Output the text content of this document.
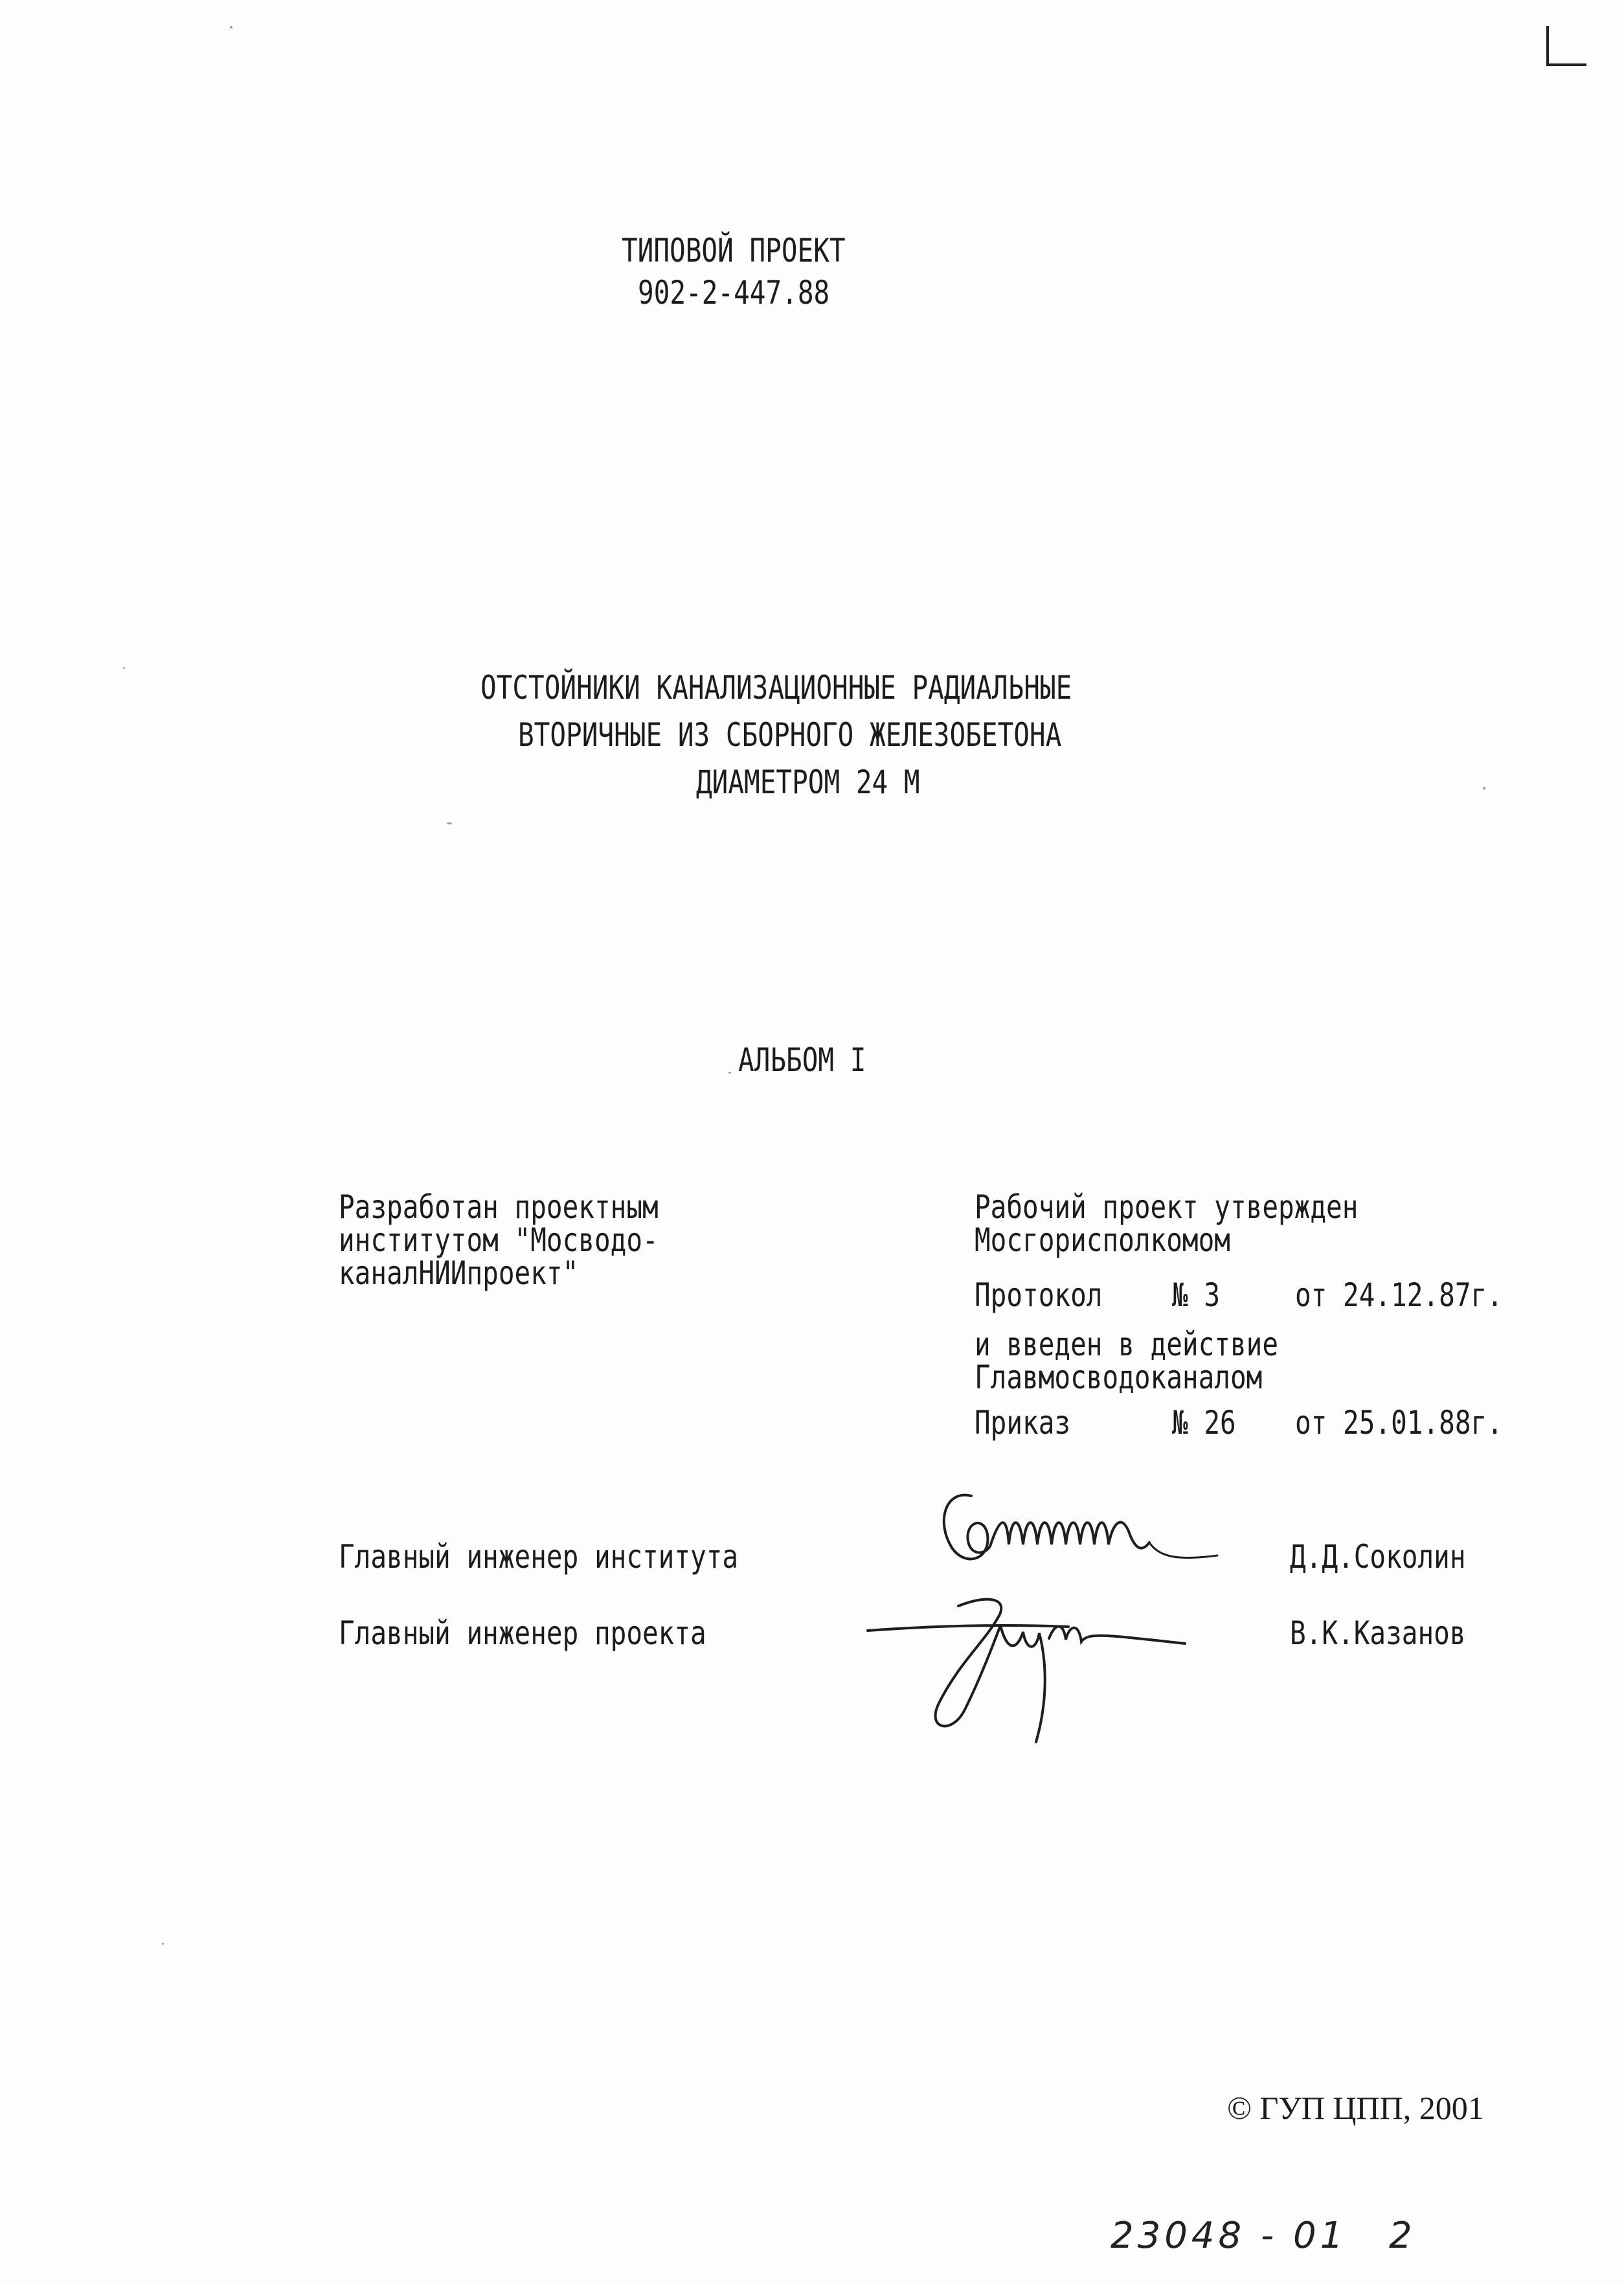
ТИПОВОЙ ПРОЕКТ
902-2-447.88
ОТСТОЙНИКИ КАНАЛИЗАЦИОННЫЕ РАДИАЛЬНЫЕ
ВТОРИЧНЫЕ ИЗ СБОРНОГО ЖЕЛЕЗОБЕТОНА
ДИАМЕТРОМ 24 М
АЛЬБОМ I
Разработан проектным
институтом "Мосводо-
каналНИИпроект"
Рабочий проект утвержден
Мосгорисполкомом
Протокол	№ 3	от 24.12.87г.
и введен в действие
Главмосводоканалом
Приказ	№ 26	от 25.01.88г.
Главный инженер института	Д.Д.Соколин
Главный инженер проекта	В.К.Казанов
© ГУП ЦПП, 2001
23048 - 01 2
